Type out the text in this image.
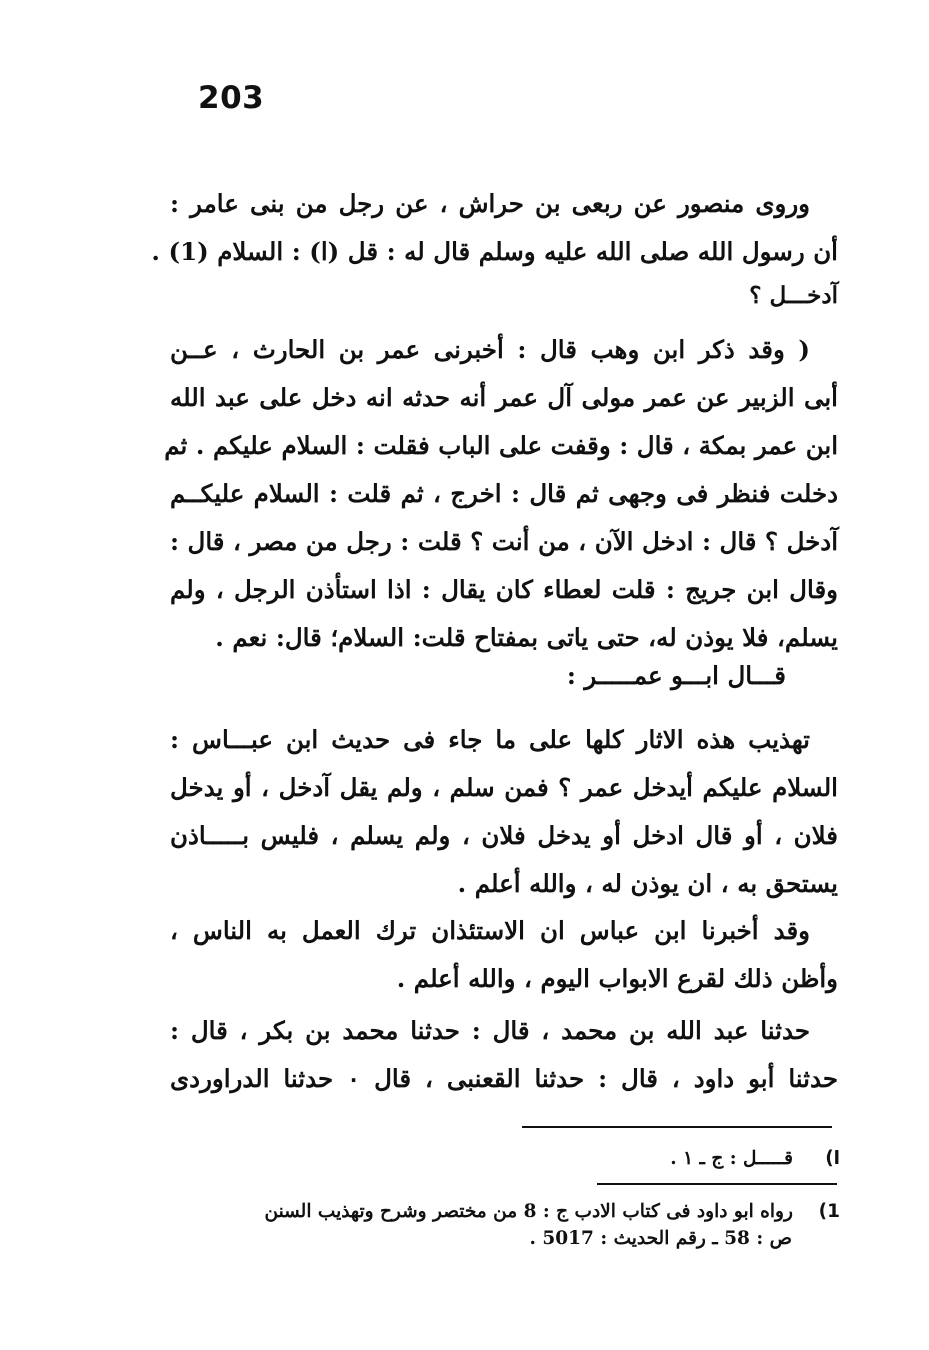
203
وروى منصور عن ربعى بن حراش ، عن رجل من بنى عامر :
أن رسول الله صلى الله عليه وسلم قال له : قل (ا) : السلام (1) .
آدخـــل ؟
( وقد ذكر ابن وهب قال : أخبرنى عمر بن الحارث ، عــن
أبى الزبير عن عمر مولى آل عمر أنه حدثه انه دخل على عبد الله
ابن عمر بمكة ، قال : وقفت على الباب فقلت : السلام عليكم . ثم
دخلت فنظر فى وجهى ثم قال : اخرج ، ثم قلت : السلام عليكــم
آدخل ؟ قال : ادخل الآن ، من أنت ؟ قلت : رجل من مصر ، قال :
وقال ابن جريج : قلت لعطاء كان يقال : اذا استأذن الرجل ، ولم
يسلم، فلا يوذن له، حتى ياتى بمفتاح قلت: السلام؛ قال: نعم .
قـــال ابـــو عمـــــر :
تهذيب هذه الاثار كلها على ما جاء فى حديث ابن عبـــاس :
السلام عليكم أيدخل عمر ؟ فمن سلم ، ولم يقل آدخل ، أو يدخل
فلان ، أو قال ادخل أو يدخل فلان ، ولم يسلم ، فليس بـــــاذن
يستحق به ، ان يوذن له ، والله أعلم .
وقد أخبرنا ابن عباس ان الاستئذان ترك العمل به الناس ،
وأظن ذلك لقرع الابواب اليوم ، والله أعلم .
حدثنا عبد الله بن محمد ، قال : حدثنا محمد بن بكر ، قال :
حدثنا أبو داود ، قال : حدثنا القعنبى ، قال ٠ حدثنا الدراوردى
ا)     قـــــل : ج ـ ١ .
1)    رواه ابو داود فى كتاب الادب ج : 8 من مختصر وشرح وتهذيب السنن
ص : 58 ـ رقم الحديث : 5017 .
